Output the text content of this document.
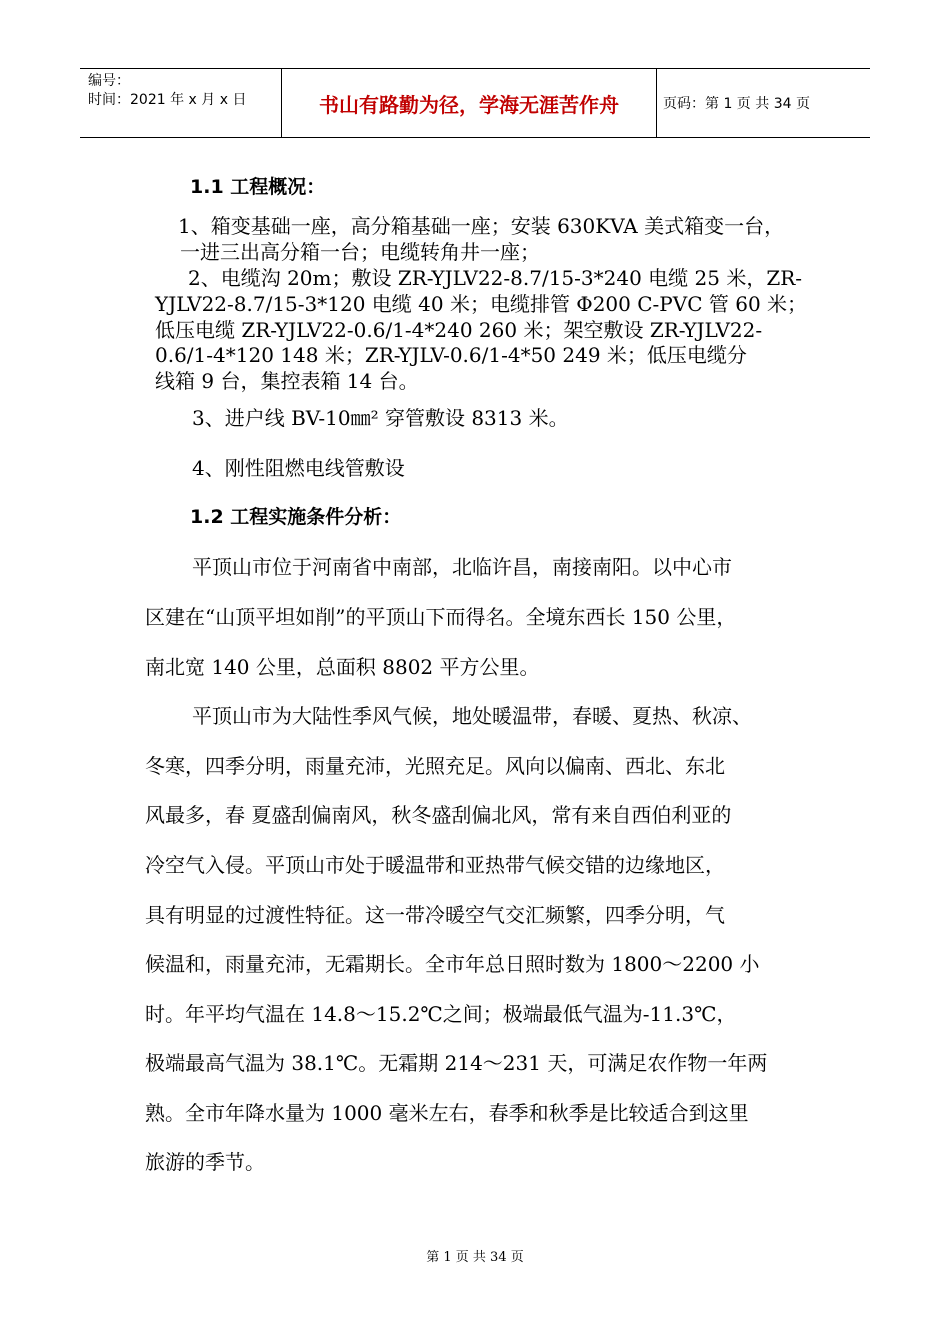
编号：
时间：2021 年 x 月 x 日	书山有路勤为径，学海无涯苦作舟	页码：第 1 页 共 34 页
1.1 工程概况：
1、箱变基础一座，高分箱基础一座；安装 630KVA 美式箱变一台，
一进三出高分箱一台；电缆转角井一座；
2、电缆沟 20m；敷设 ZR-YJLV22-8.7/15-3*240 电缆 25 米，ZR-
YJLV22-8.7/15-3*120 电缆 40 米；电缆排管 Φ200 C-PVC 管 60 米；
低压电缆 ZR-YJLV22-0.6/1-4*240 260 米；架空敷设 ZR-YJLV22-
0.6/1-4*120 148 米；ZR-YJLV-0.6/1-4*50 249 米；低压电缆分
线箱 9 台，集控表箱 14 台。
3、进户线 BV-10㎜² 穿管敷设 8313 米。
4、刚性阻燃电线管敷设
1.2 工程实施条件分析：
平顶山市位于河南省中南部，北临许昌，南接南阳。以中心市
区建在“山顶平坦如削”的平顶山下而得名。全境东西长 150 公里，
南北宽 140 公里，总面积 8802 平方公里。
平顶山市为大陆性季风气候，地处暖温带，春暖、夏热、秋凉、
冬寒，四季分明，雨量充沛，光照充足。风向以偏南、西北、东北
风最多，春 夏盛刮偏南风，秋冬盛刮偏北风，常有来自西伯利亚的
冷空气入侵。平顶山市处于暖温带和亚热带气候交错的边缘地区，
具有明显的过渡性特征。这一带冷暖空气交汇频繁，四季分明，气
候温和，雨量充沛，无霜期长。全市年总日照时数为 1800～2200 小
时。年平均气温在 14.8～15.2℃之间；极端最低气温为-11.3℃，
极端最高气温为 38.1℃。无霜期 214～231 天，可满足农作物一年两
熟。全市年降水量为 1000 毫米左右，春季和秋季是比较适合到这里
旅游的季节。
第 1 页 共 34 页
